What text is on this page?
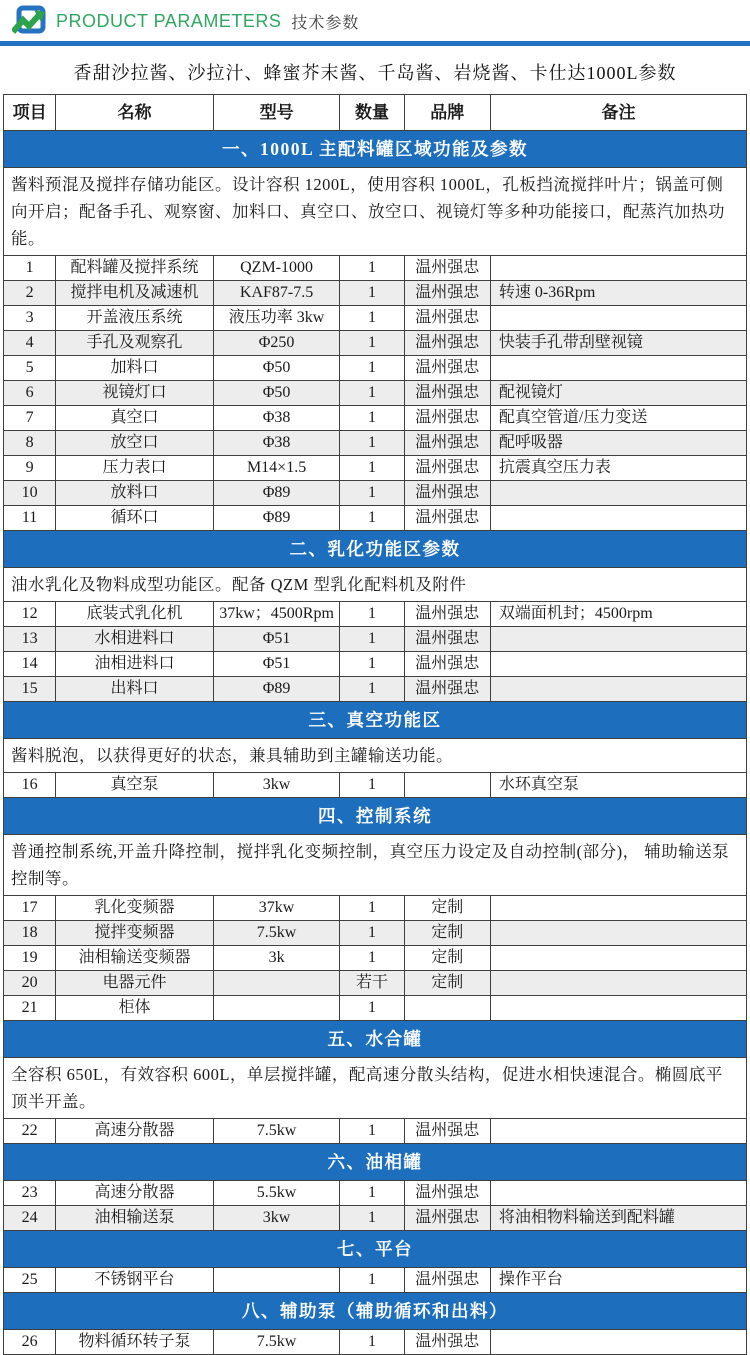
PRODUCT PARAMETERS 技术参数
香甜沙拉酱、沙拉汁、蜂蜜芥末酱、千岛酱、岩烧酱、卡仕达1000L参数
项目	名称	型号	数量	品牌	备注
一、1000L 主配料罐区域功能及参数					
酱料预混及搅拌存储功能区。设计容积 1200L，使用容积 1000L，孔板挡流搅拌叶片；锅盖可侧向开启；配备手孔、观察窗、加料口、真空口、放空口、视镜灯等多种功能接口，配蒸汽加热功能。					
1	配料罐及搅拌系统	QZM-1000	1	温州强忠	
2	搅拌电机及减速机	KAF87-7.5	1	温州强忠	转速 0-36Rpm
3	开盖液压系统	液压功率 3kw	1	温州强忠	
4	手孔及观察孔	Φ250	1	温州强忠	快装手孔带刮壁视镜
5	加料口	Φ50	1	温州强忠	
6	视镜灯口	Φ50	1	温州强忠	配视镜灯
7	真空口	Φ38	1	温州强忠	配真空管道/压力变送
8	放空口	Φ38	1	温州强忠	配呼吸器
9	压力表口	M14×1.5	1	温州强忠	抗震真空压力表
10	放料口	Φ89	1	温州强忠	
11	循环口	Φ89	1	温州强忠	
二、乳化功能区参数					
油水乳化及物料成型功能区。配备 QZM 型乳化配料机及附件					
12	底装式乳化机	37kw；4500Rpm	1	温州强忠	双端面机封；4500rpm
13	水相进料口	Φ51	1	温州强忠	
14	油相进料口	Φ51	1	温州强忠	
15	出料口	Φ89	1	温州强忠	
三、真空功能区					
酱料脱泡，以获得更好的状态，兼具辅助到主罐输送功能。					
16	真空泵	3kw	1		水环真空泵
四、控制系统					
普通控制系统,开盖升降控制，搅拌乳化变频控制，真空压力设定及自动控制(部分)， 辅助输送泵控制等。					
17	乳化变频器	37kw	1	定制	
18	搅拌变频器	7.5kw	1	定制	
19	油相输送变频器	3k	1	定制	
20	电器元件		若干	定制	
21	柜体		1		
五、水合罐					
全容积 650L，有效容积 600L，单层搅拌罐，配高速分散头结构，促进水相快速混合。椭圆底平顶半开盖。					
22	高速分散器	7.5kw	1	温州强忠	
六、油相罐					
23	高速分散器	5.5kw	1	温州强忠	
24	油相输送泵	3kw	1	温州强忠	将油相物料输送到配料罐
七、平台					
25	不锈钢平台		1	温州强忠	操作平台
八、辅助泵（辅助循环和出料）					
26	物料循环转子泵	7.5kw	1	温州强忠	
